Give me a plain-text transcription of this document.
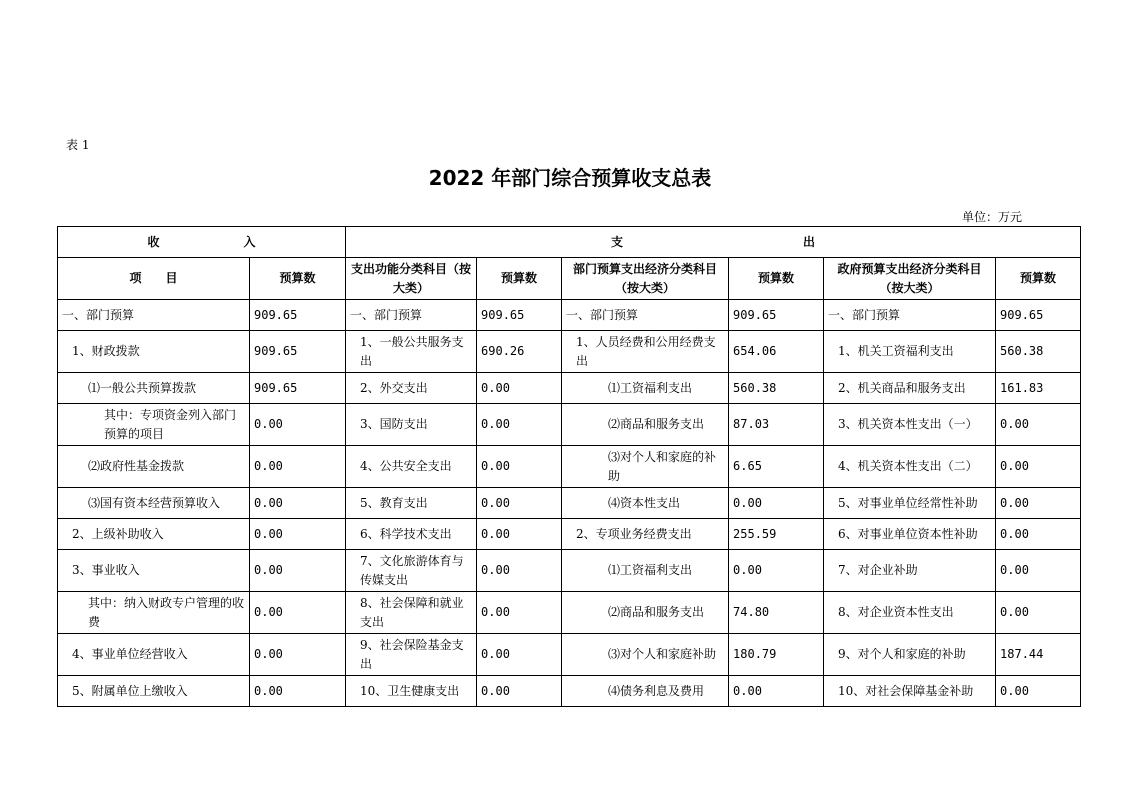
表 1
2022 年部门综合预算收支总表
单位：万元
收　　　　　　　入		支　　　　　　　　　　　　　　　出					
项　　目	预算数	支出功能分类科目（按大类）	预算数	部门预算支出经济分类科目（按大类）	预算数	政府预算支出经济分类科目（按大类）	预算数
一、部门预算	909.65	一、部门预算	909.65	一、部门预算	909.65	一、部门预算	909.65
1、财政拨款	909.65	1、一般公共服务支出	690.26	1、人员经费和公用经费支出	654.06	1、机关工资福利支出	560.38
⑴一般公共预算拨款	909.65	2、外交支出	0.00	⑴工资福利支出	560.38	2、机关商品和服务支出	161.83
其中：专项资金列入部门预算的项目	0.00	3、国防支出	0.00	⑵商品和服务支出	87.03	3、机关资本性支出（一）	0.00
⑵政府性基金拨款	0.00	4、公共安全支出	0.00	⑶对个人和家庭的补助	6.65	4、机关资本性支出（二）	0.00
⑶国有资本经营预算收入	0.00	5、教育支出	0.00	⑷资本性支出	0.00	5、对事业单位经常性补助	0.00
2、上级补助收入	0.00	6、科学技术支出	0.00	2、专项业务经费支出	255.59	6、对事业单位资本性补助	0.00
3、事业收入	0.00	7、文化旅游体育与传媒支出	0.00	⑴工资福利支出	0.00	7、对企业补助	0.00
其中：纳入财政专户管理的收费	0.00	8、社会保障和就业支出	0.00	⑵商品和服务支出	74.80	8、对企业资本性支出	0.00
4、事业单位经营收入	0.00	9、社会保险基金支出	0.00	⑶对个人和家庭补助	180.79	9、对个人和家庭的补助	187.44
5、附属单位上缴收入	0.00	10、卫生健康支出	0.00	⑷债务利息及费用	0.00	10、对社会保障基金补助	0.00
